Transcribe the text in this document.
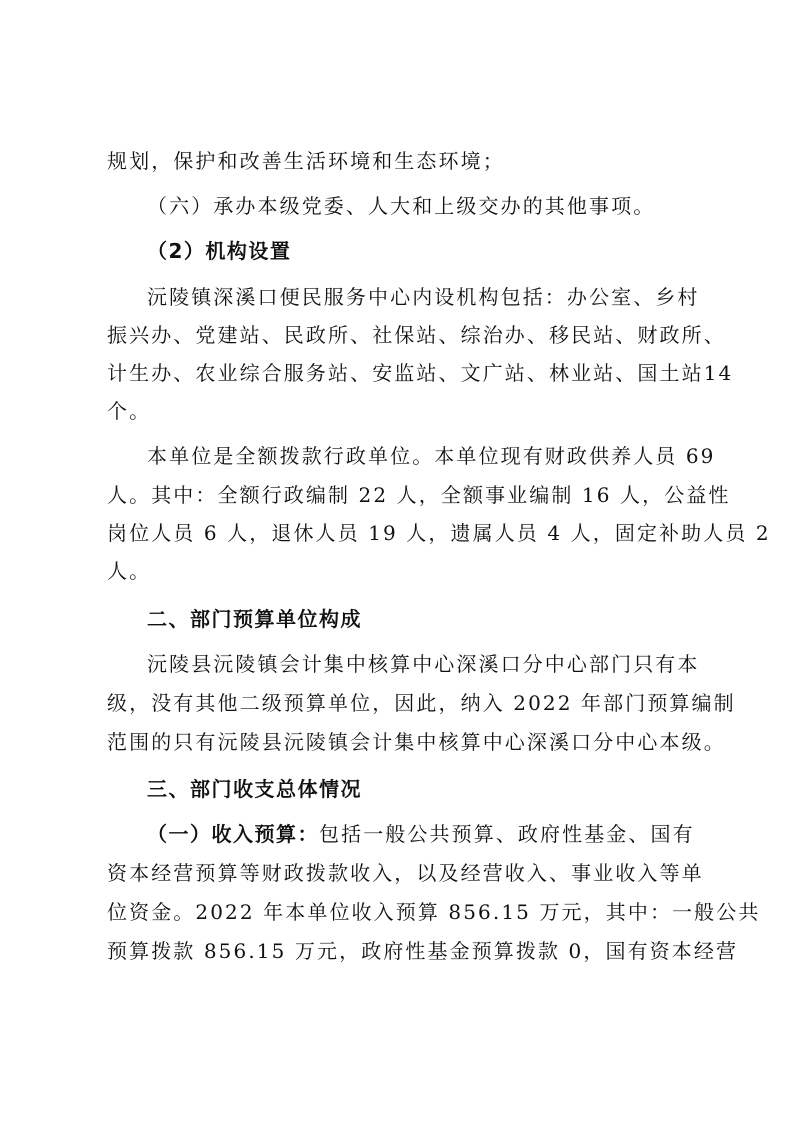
规划，保护和改善生活环境和生态环境；
（六）承办本级党委、人大和上级交办的其他事项。
（2）机构设置
沅陵镇深溪口便民服务中心内设机构包括：办公室、乡村
振兴办、党建站、民政所、社保站、综治办、移民站、财政所、
计生办、农业综合服务站、安监站、文广站、林业站、国土站14
个。
本单位是全额拨款行政单位。本单位现有财政供养人员 69
人。其中：全额行政编制 22 人，全额事业编制 16 人，公益性
岗位人员 6 人，退休人员 19 人，遗属人员 4 人，固定补助人员 2
人。
二、部门预算单位构成
沅陵县沅陵镇会计集中核算中心深溪口分中心部门只有本
级，没有其他二级预算单位，因此，纳入 2022 年部门预算编制
范围的只有沅陵县沅陵镇会计集中核算中心深溪口分中心本级。
三、部门收支总体情况
（一）收入预算：包括一般公共预算、政府性基金、国有
资本经营预算等财政拨款收入，以及经营收入、事业收入等单
位资金。2022 年本单位收入预算 856.15 万元，其中：一般公共
预算拨款 856.15 万元，政府性基金预算拨款 0，国有资本经营
